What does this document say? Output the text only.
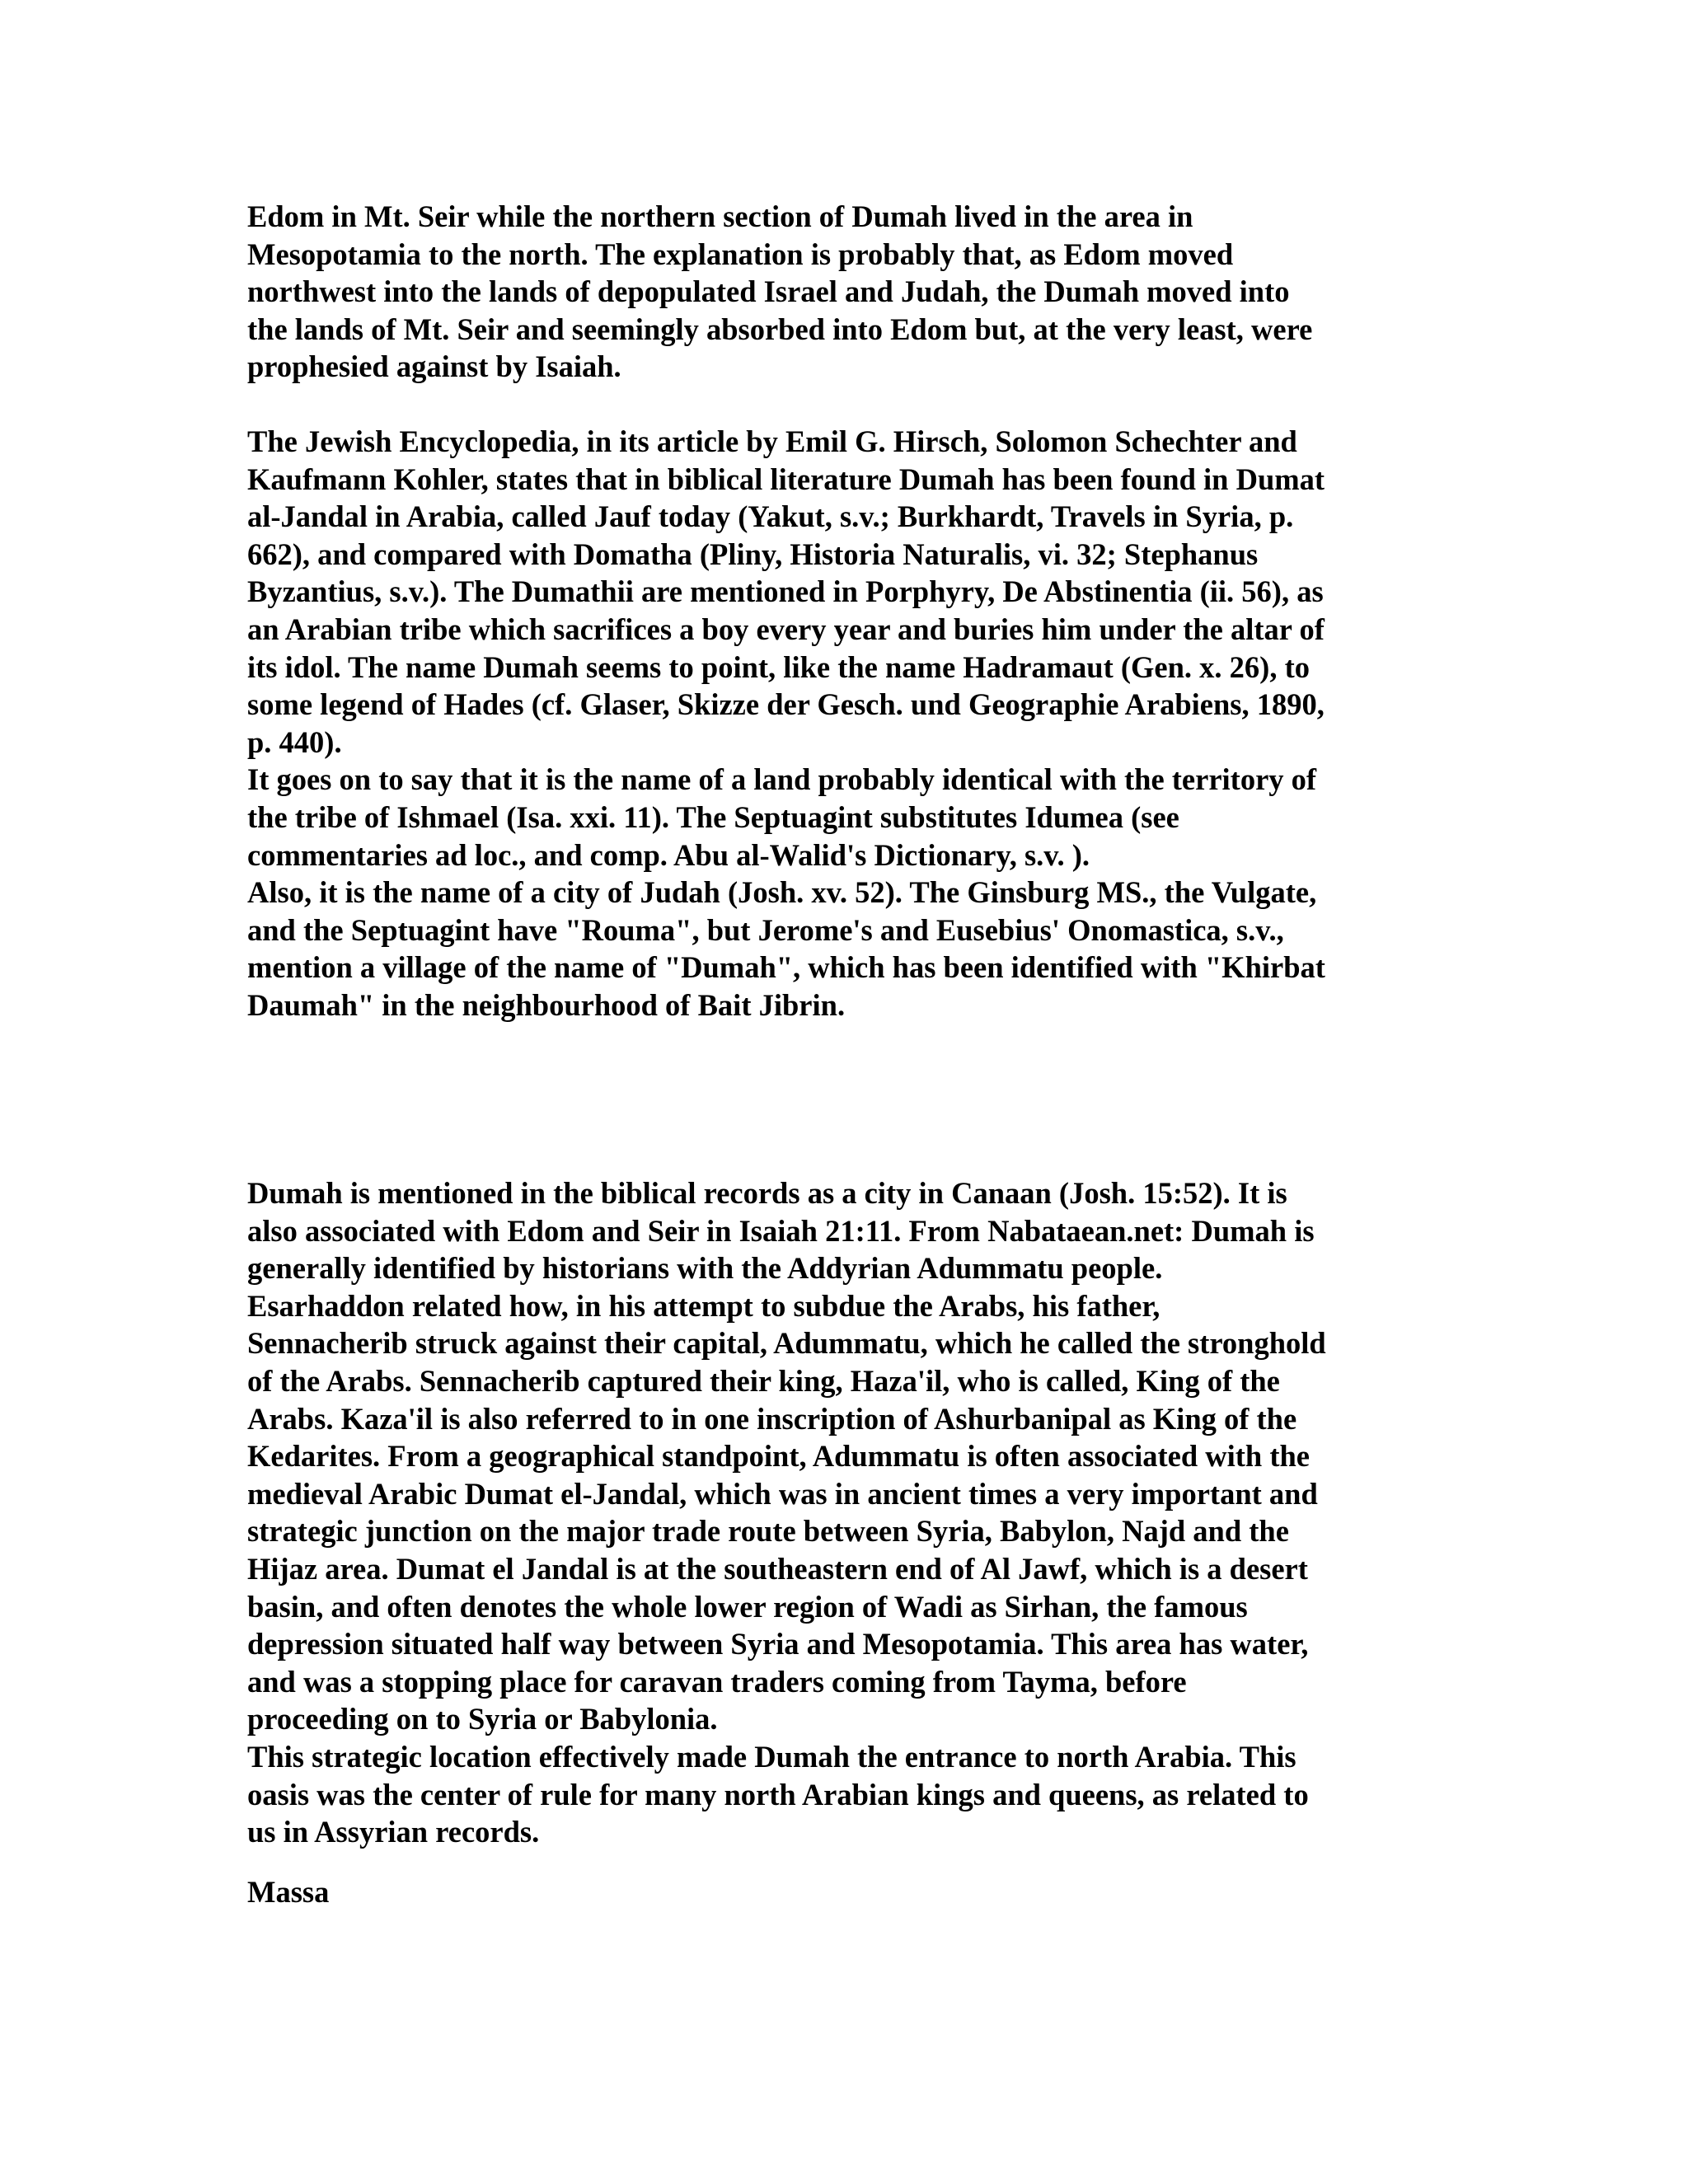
Edom in Mt. Seir while the northern section of Dumah lived in the area in
Mesopotamia to the north. The explanation is probably that, as Edom moved
northwest into the lands of depopulated Israel and Judah, the Dumah moved into
the lands of Mt. Seir and seemingly absorbed into Edom but, at the very least, were
prophesied against by Isaiah.
The Jewish Encyclopedia, in its article by Emil G. Hirsch, Solomon Schechter and
Kaufmann Kohler, states that in biblical literature Dumah has been found in Dumat
al-Jandal in Arabia, called Jauf today (Yakut, s.v.; Burkhardt, Travels in Syria, p.
662), and compared with Domatha (Pliny, Historia Naturalis, vi. 32; Stephanus
Byzantius, s.v.). The Dumathii are mentioned in Porphyry, De Abstinentia (ii. 56), as
an Arabian tribe which sacrifices a boy every year and buries him under the altar of
its idol. The name Dumah seems to point, like the name Hadramaut (Gen. x. 26), to
some legend of Hades (cf. Glaser, Skizze der Gesch. und Geographie Arabiens, 1890,
p. 440).
It goes on to say that it is the name of a land probably identical with the territory of
the tribe of Ishmael (Isa. xxi. 11). The Septuagint substitutes Idumea (see
commentaries ad loc., and comp. Abu al-Walid's Dictionary, s.v. ).
Also, it is the name of a city of Judah (Josh. xv. 52). The Ginsburg MS., the Vulgate,
and the Septuagint have "Rouma", but Jerome's and Eusebius' Onomastica, s.v.,
mention a village of the name of "Dumah", which has been identified with "Khirbat
Daumah" in the neighbourhood of Bait Jibrin.
Dumah is mentioned in the biblical records as a city in Canaan (Josh. 15:52). It is
also associated with Edom and Seir in Isaiah 21:11. From Nabataean.net: Dumah is
generally identified by historians with the Addyrian Adummatu people.
Esarhaddon related how, in his attempt to subdue the Arabs, his father,
Sennacherib struck against their capital, Adummatu, which he called the stronghold
of the Arabs. Sennacherib captured their king, Haza'il, who is called, King of the
Arabs. Kaza'il is also referred to in one inscription of Ashurbanipal as King of the
Kedarites. From a geographical standpoint, Adummatu is often associated with the
medieval Arabic Dumat el-Jandal, which was in ancient times a very important and
strategic junction on the major trade route between Syria, Babylon, Najd and the
Hijaz area. Dumat el Jandal is at the southeastern end of Al Jawf, which is a desert
basin, and often denotes the whole lower region of Wadi as Sirhan, the famous
depression situated half way between Syria and Mesopotamia. This area has water,
and was a stopping place for caravan traders coming from Tayma, before
proceeding on to Syria or Babylonia.
This strategic location effectively made Dumah the entrance to north Arabia. This
oasis was the center of rule for many north Arabian kings and queens, as related to
us in Assyrian records.
Massa
